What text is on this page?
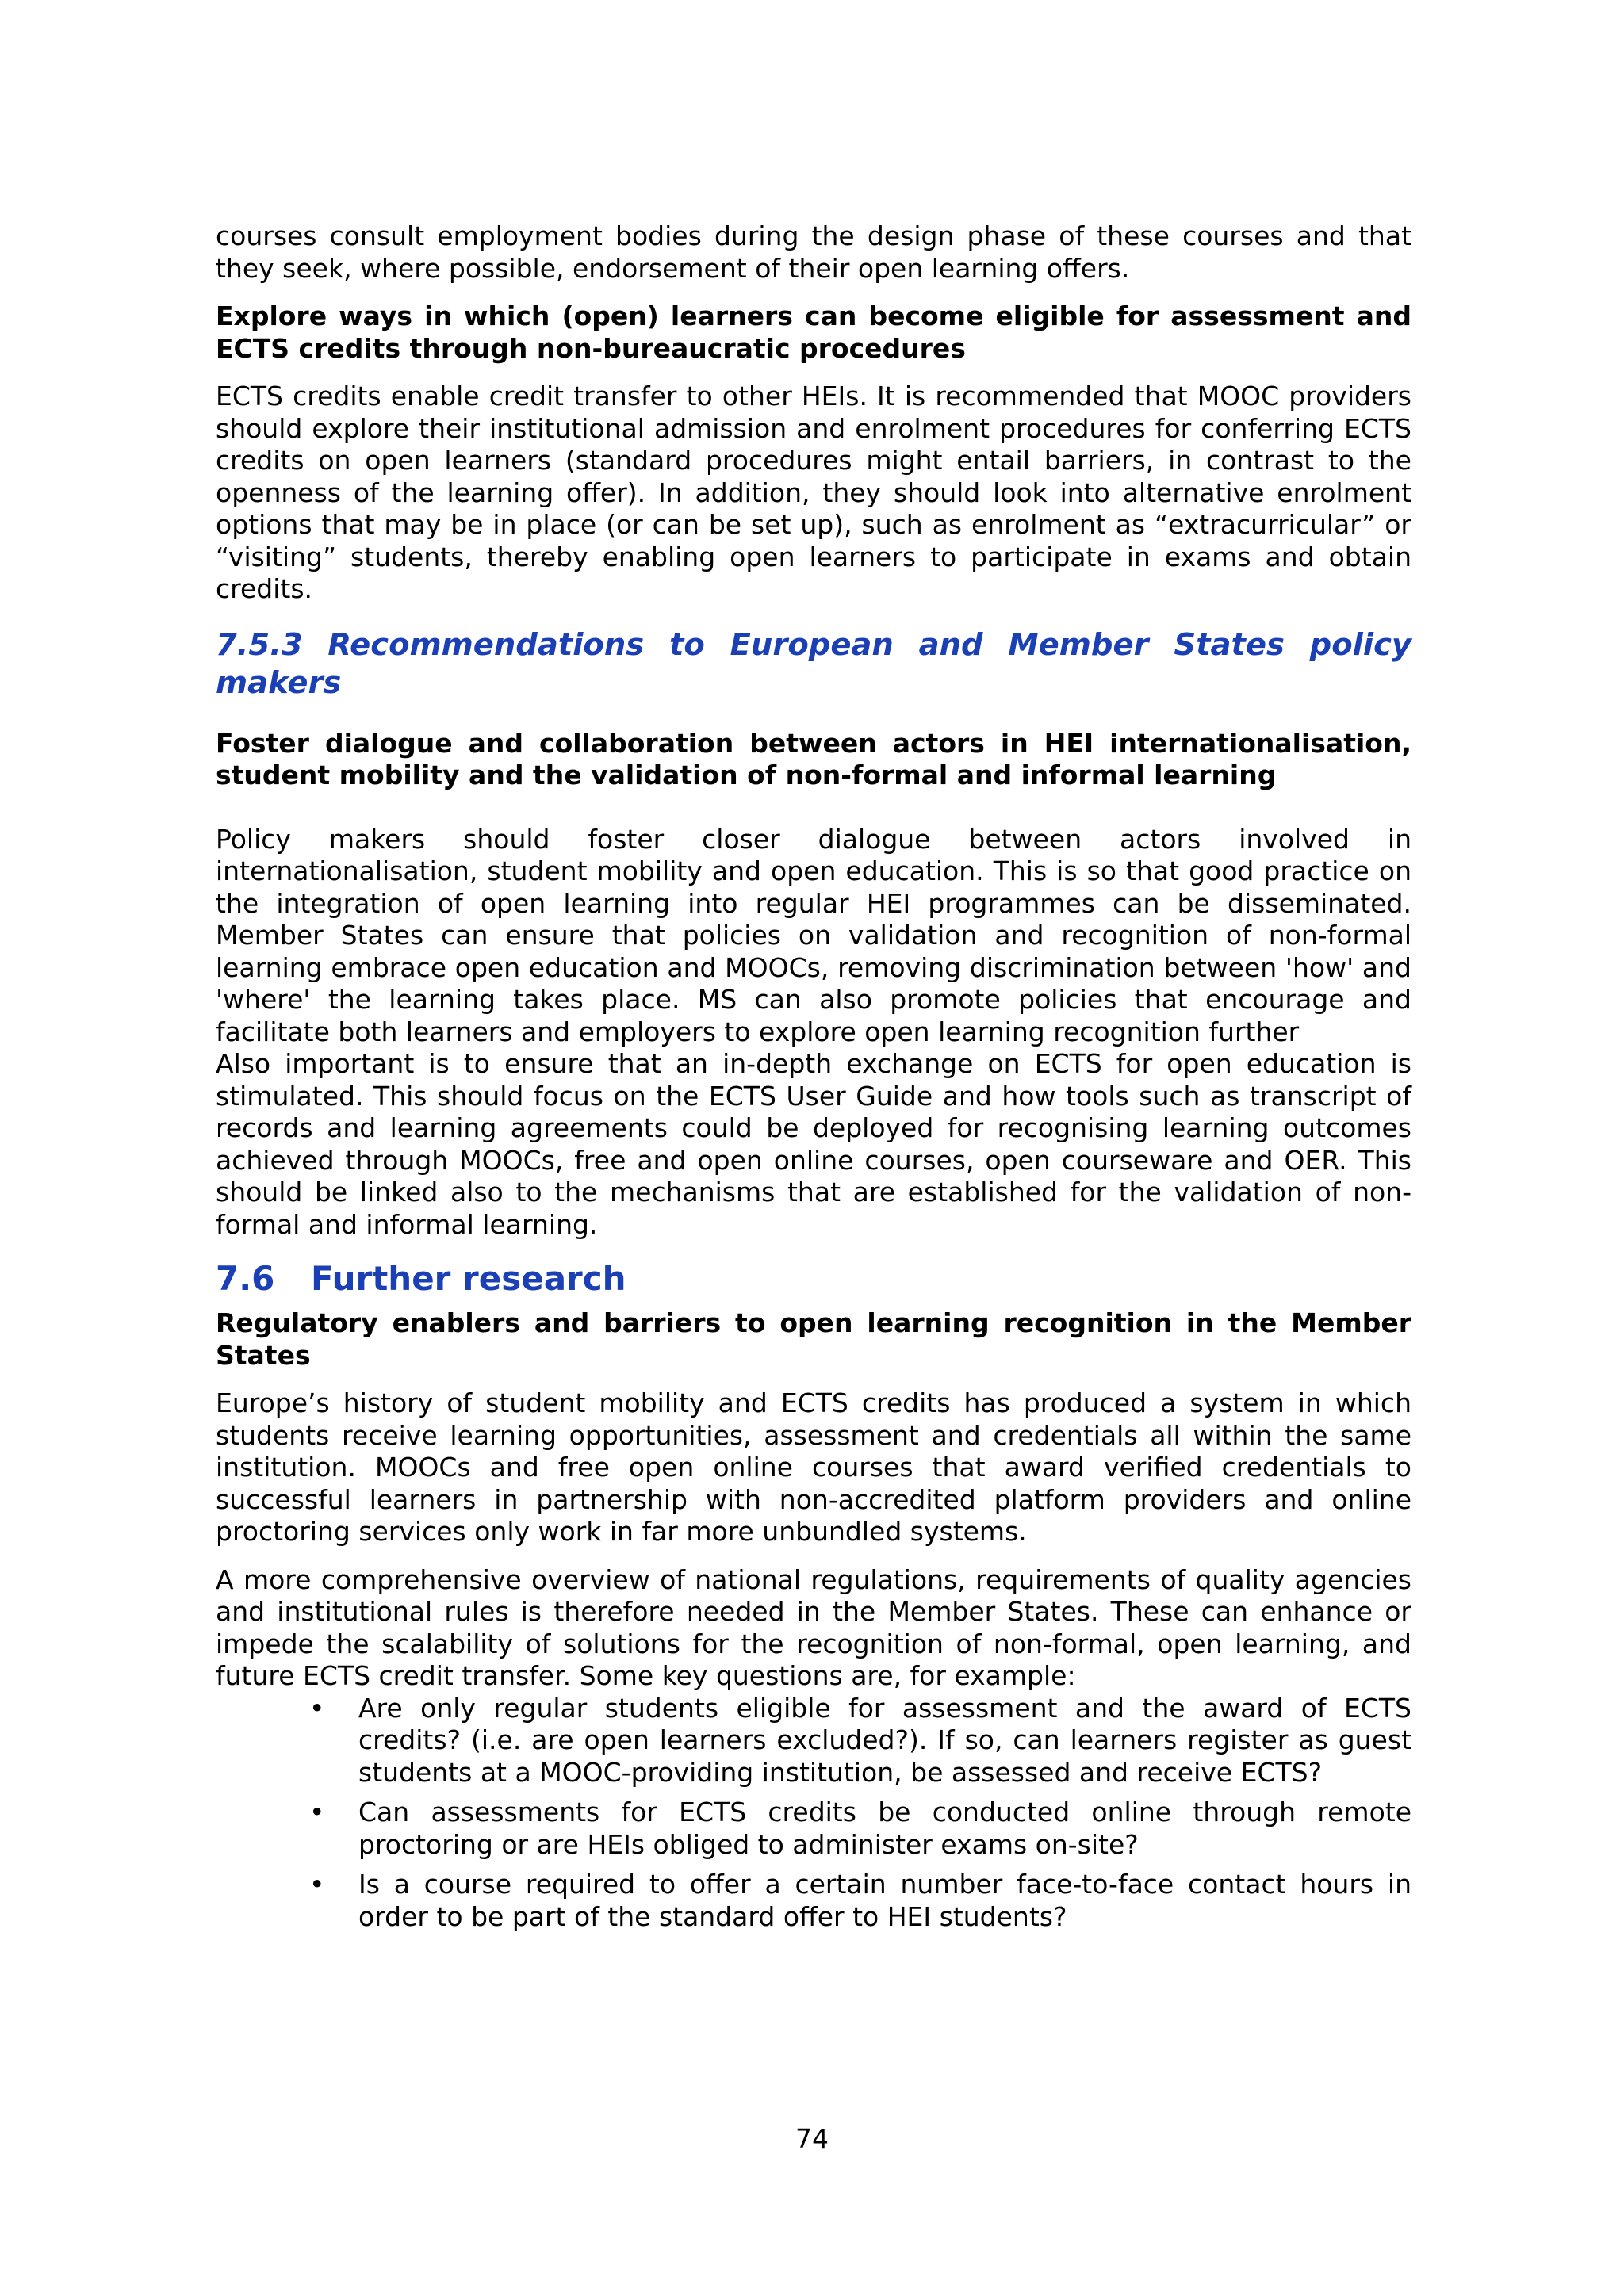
courses consult employment bodies during the design phase of these courses and that they seek, where possible, endorsement of their open learning offers.

Explore ways in which (open) learners can become eligible for assessment and ECTS credits through non-bureaucratic procedures

ECTS credits enable credit transfer to other HEIs. It is recommended that MOOC providers should explore their institutional admission and enrolment procedures for conferring ECTS credits on open learners (standard procedures might entail barriers, in contrast to the openness of the learning offer). In addition, they should look into alternative enrolment options that may be in place (or can be set up), such as enrolment as “extracurricular” or “visiting” students, thereby enabling open learners to participate in exams and obtain credits.

7.5.3 Recommendations to European and Member States policy makers

Foster dialogue and collaboration between actors in HEI internationalisation, student mobility and the validation of non-formal and informal learning

Policy makers should foster closer dialogue between actors involved in internationalisation, student mobility and open education. This is so that good practice on the integration of open learning into regular HEI programmes can be disseminated. Member States can ensure that policies on validation and recognition of non-formal learning embrace open education and MOOCs, removing discrimination between 'how' and 'where' the learning takes place. MS can also promote policies that encourage and facilitate both learners and employers to explore open learning recognition further

Also important is to ensure that an in-depth exchange on ECTS for open education is stimulated. This should focus on the ECTS User Guide and how tools such as transcript of records and learning agreements could be deployed for recognising learning outcomes achieved through MOOCs, free and open online courses, open courseware and OER. This should be linked also to the mechanisms that are established for the validation of non-formal and informal learning.

7.6 Further research

Regulatory enablers and barriers to open learning recognition in the Member States

Europe’s history of student mobility and ECTS credits has produced a system in which students receive learning opportunities, assessment and credentials all within the same institution. MOOCs and free open online courses that award verified credentials to successful learners in partnership with non-accredited platform providers and online proctoring services only work in far more unbundled systems.

A more comprehensive overview of national regulations, requirements of quality agencies and institutional rules is therefore needed in the Member States. These can enhance or impede the scalability of solutions for the recognition of non-formal, open learning, and future ECTS credit transfer. Some key questions are, for example:

• Are only regular students eligible for assessment and the award of ECTS credits? (i.e. are open learners excluded?). If so, can learners register as guest students at a MOOC-providing institution, be assessed and receive ECTS?

• Can assessments for ECTS credits be conducted online through remote proctoring or are HEIs obliged to administer exams on-site?

• Is a course required to offer a certain number face-to-face contact hours in order to be part of the standard offer to HEI students?

74
